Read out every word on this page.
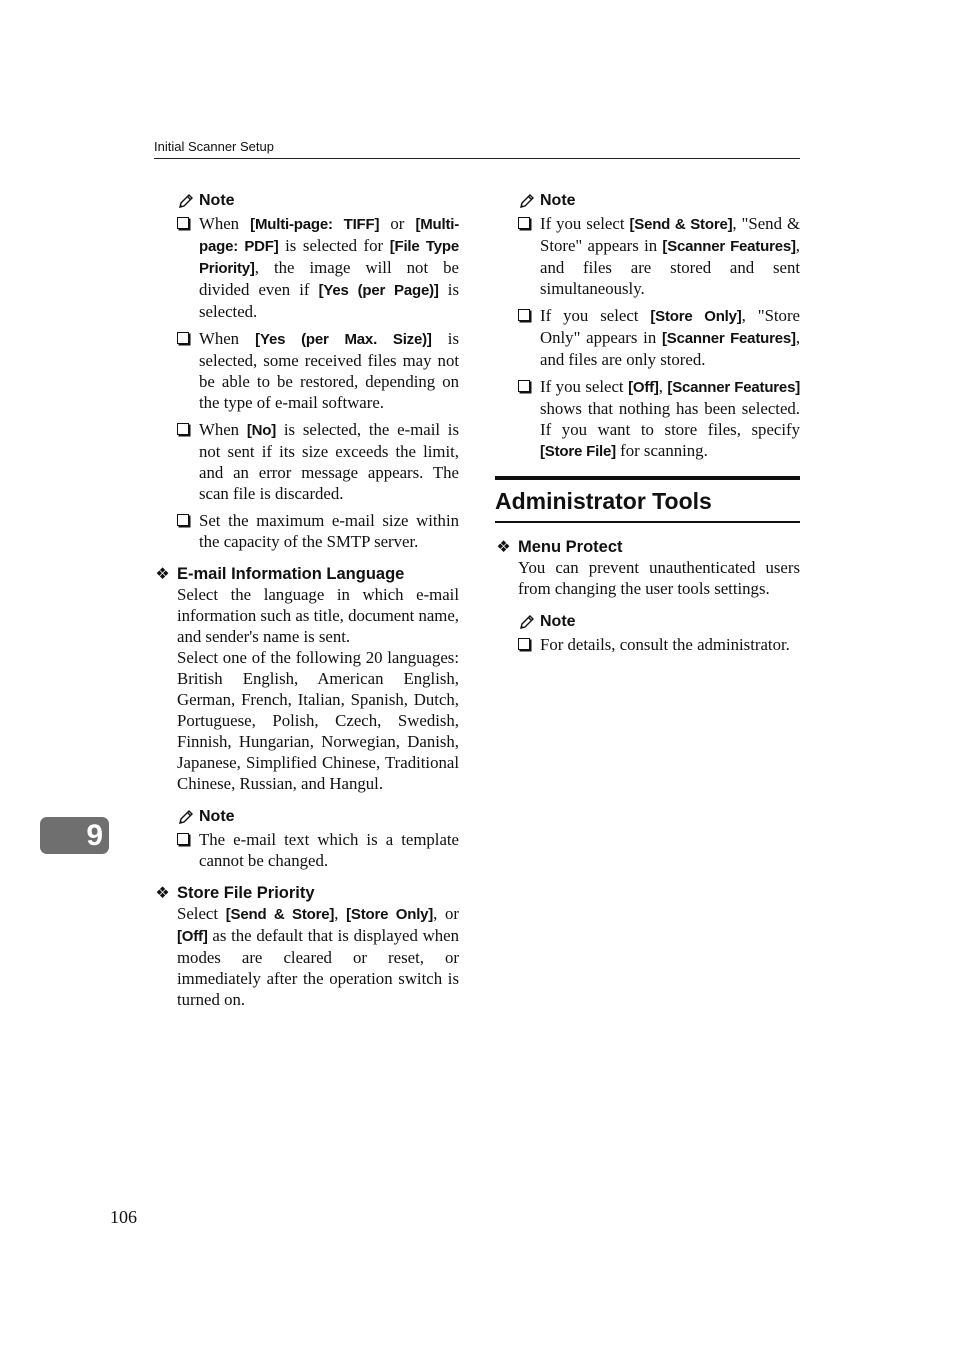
Initial Scanner Setup
Note
When [Multi-page: TIFF] or [Multi-page: PDF] is selected for [File Type Priority], the image will not be divided even if [Yes (per Page)] is selected.
When [Yes (per Max. Size)] is selected, some received files may not be able to be restored, depending on the type of e-mail software.
When [No] is selected, the e-mail is not sent if its size exceeds the limit, and an error message appears. The scan file is discarded.
Set the maximum e-mail size within the capacity of the SMTP server.
❖ E-mail Information Language
Select the language in which e-mail information such as title, document name, and sender's name is sent.
Select one of the following 20 languages: British English, American English, German, French, Italian, Spanish, Dutch, Portuguese, Polish, Czech, Swedish, Finnish, Hungarian, Norwegian, Danish, Japanese, Simplified Chinese, Traditional Chinese, Russian, and Hangul.
Note
The e-mail text which is a template cannot be changed.
❖ Store File Priority
Select [Send & Store], [Store Only], or [Off] as the default that is displayed when modes are cleared or reset, or immediately after the operation switch is turned on.
Note
If you select [Send & Store], "Send & Store" appears in [Scanner Features], and files are stored and sent simultaneously.
If you select [Store Only], "Store Only" appears in [Scanner Features], and files are only stored.
If you select [Off], [Scanner Features] shows that nothing has been selected. If you want to store files, specify [Store File] for scanning.
Administrator Tools
❖ Menu Protect
You can prevent unauthenticated users from changing the user tools settings.
Note
For details, consult the administrator.
9
106
